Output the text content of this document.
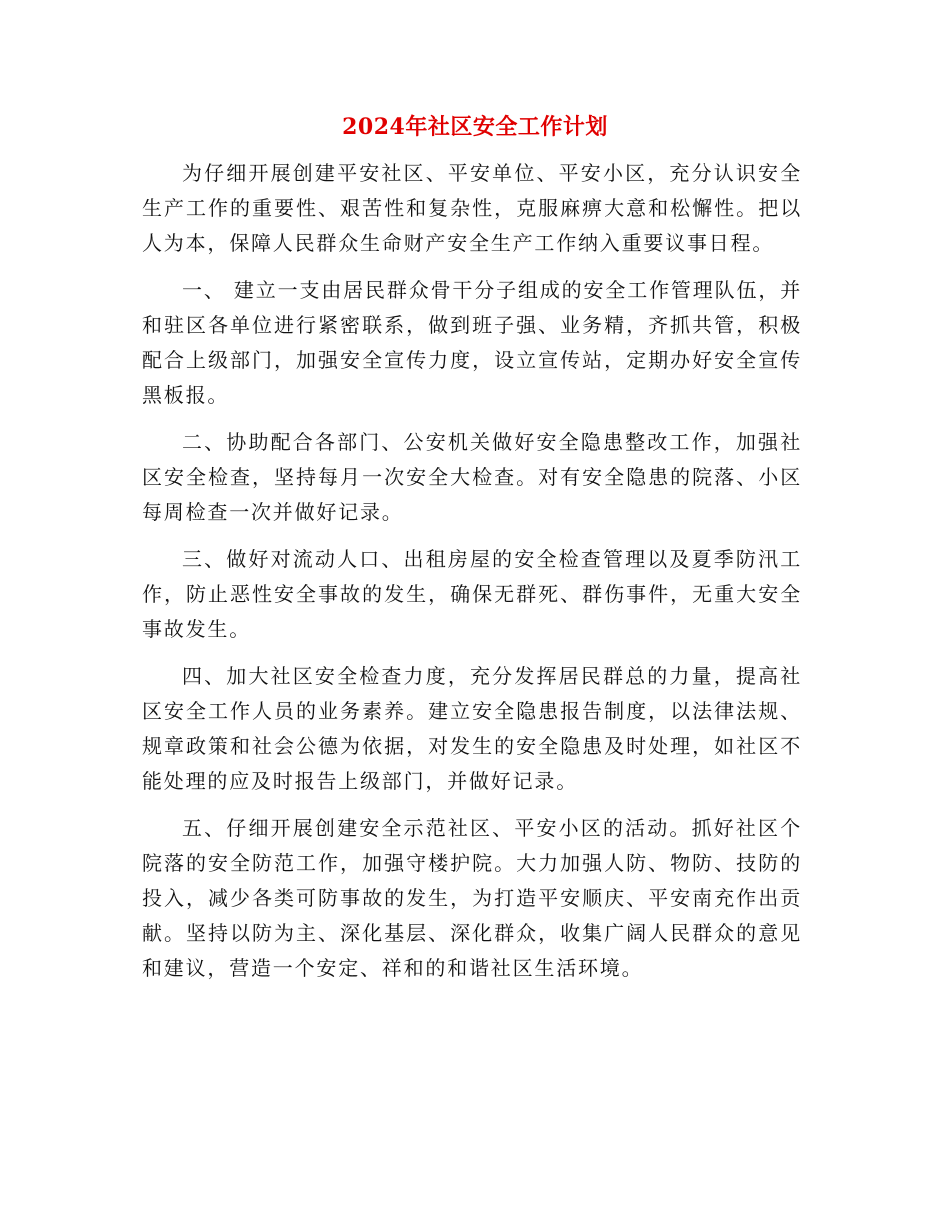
2024年社区安全工作计划

为仔细开展创建平安社区、平安单位、平安小区，充分认识安全生产工作的重要性、艰苦性和复杂性，克服麻痹大意和松懈性。把以人为本，保障人民群众生命财产安全生产工作纳入重要议事日程。

一、 建立一支由居民群众骨干分子组成的安全工作管理队伍，并和驻区各单位进行紧密联系，做到班子强、业务精，齐抓共管，积极配合上级部门，加强安全宣传力度，设立宣传站，定期办好安全宣传黑板报。

二、协助配合各部门、公安机关做好安全隐患整改工作，加强社区安全检查，坚持每月一次安全大检查。对有安全隐患的院落、小区每周检查一次并做好记录。

三、做好对流动人口、出租房屋的安全检查管理以及夏季防汛工作，防止恶性安全事故的发生，确保无群死、群伤事件，无重大安全事故发生。

四、加大社区安全检查力度，充分发挥居民群总的力量，提高社区安全工作人员的业务素养。建立安全隐患报告制度，以法律法规、规章政策和社会公德为依据，对发生的安全隐患及时处理，如社区不能处理的应及时报告上级部门，并做好记录。

五、仔细开展创建安全示范社区、平安小区的活动。抓好社区个院落的安全防范工作，加强守楼护院。大力加强人防、物防、技防的投入，减少各类可防事故的发生，为打造平安顺庆、平安南充作出贡献。坚持以防为主、深化基层、深化群众，收集广阔人民群众的意见和建议，营造一个安定、祥和的和谐社区生活环境。
